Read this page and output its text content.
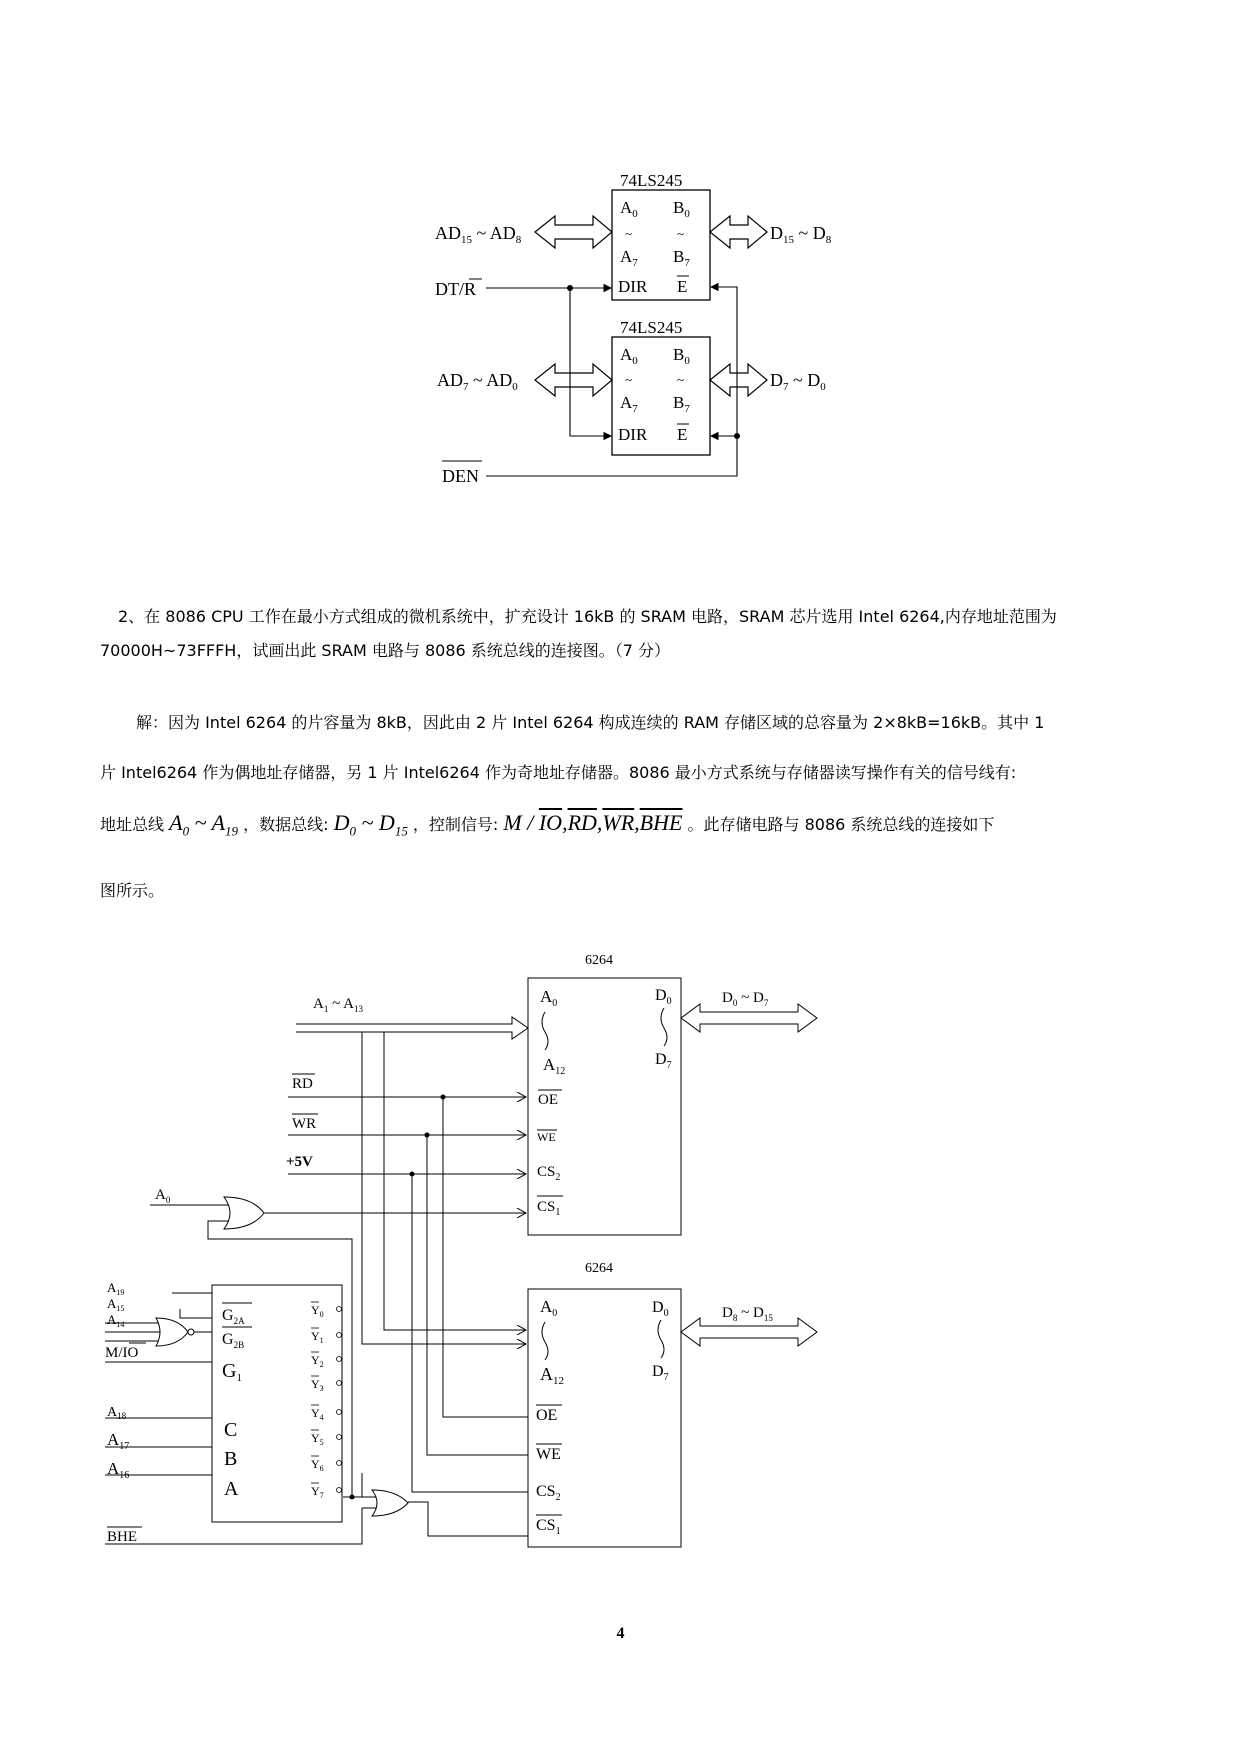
74LS245
$A_0$ $B_0$
~	~
$A_7$ $B_7$
DIR E
74LS245
$A_0$ $B_0$
~	~
$A_7$ $B_7$
DIR E
$AD_{15}$ ~ $AD_8$	$D_{15}$ ~ $D_8$
DT/R
$AD_7$ ~ $AD_0$	$D_7$ ~ $D_0$
DEN
2、在 8086 CPU 工作在最小方式组成的微机系统中，扩充设计 16kB 的 SRAM 电路，SRAM 芯片选用 Intel 6264,内存地址范围为
70000H~73FFFH，试画出此 SRAM 电路与 8086 系统总线的连接图。（7 分）
解：因为 Intel 6264 的片容量为 8kB，因此由 2 片 Intel 6264 构成连续的 RAM 存储区域的总容量为 2×8kB=16kB。其中 1
片 Intel6264 作为偶地址存储器，另 1 片 Intel6264 作为奇地址存储器。8086 最小方式系统与存储器读写操作有关的信号线有:
地址总线 $A_0$ ~ $A_{19}$ ，数据总线: $D_0$ ~ $D_{15}$ ，控制信号: M / $\overline{IO},\overline{RD},\overline{WR},\overline{BHE}$ 。此存储电路与 8086 系统总线的连接如下
图所示。
6264
6264
$A_0$
$A_{12}$
$D_0$
$D_7$
OE
WE
$CS_2$
$CS_1$
$A_0$
$A_{12}$
$D_0$
$D_7$
OE
WE
$CS_2$
$CS_1$
$D_0$ ~ $D_7$
$D_8$ ~ $D_{15}$
$A_1$ ~ $A_{13}$
RD
WR
+5V
$A_0$
$G_{2A}$
$G_{2B}$
$G_1$
C
B
A
$Y_0$
$Y_1$
$Y_2$
$Y_3$
$Y_4$
$Y_5$
$Y_6$
$Y_7$
$A_{19}$
$A_{15}$
$A_{14}$
M/IO
$A_{18}$
$A_{17}$
$A_{16}$
BHE
4
